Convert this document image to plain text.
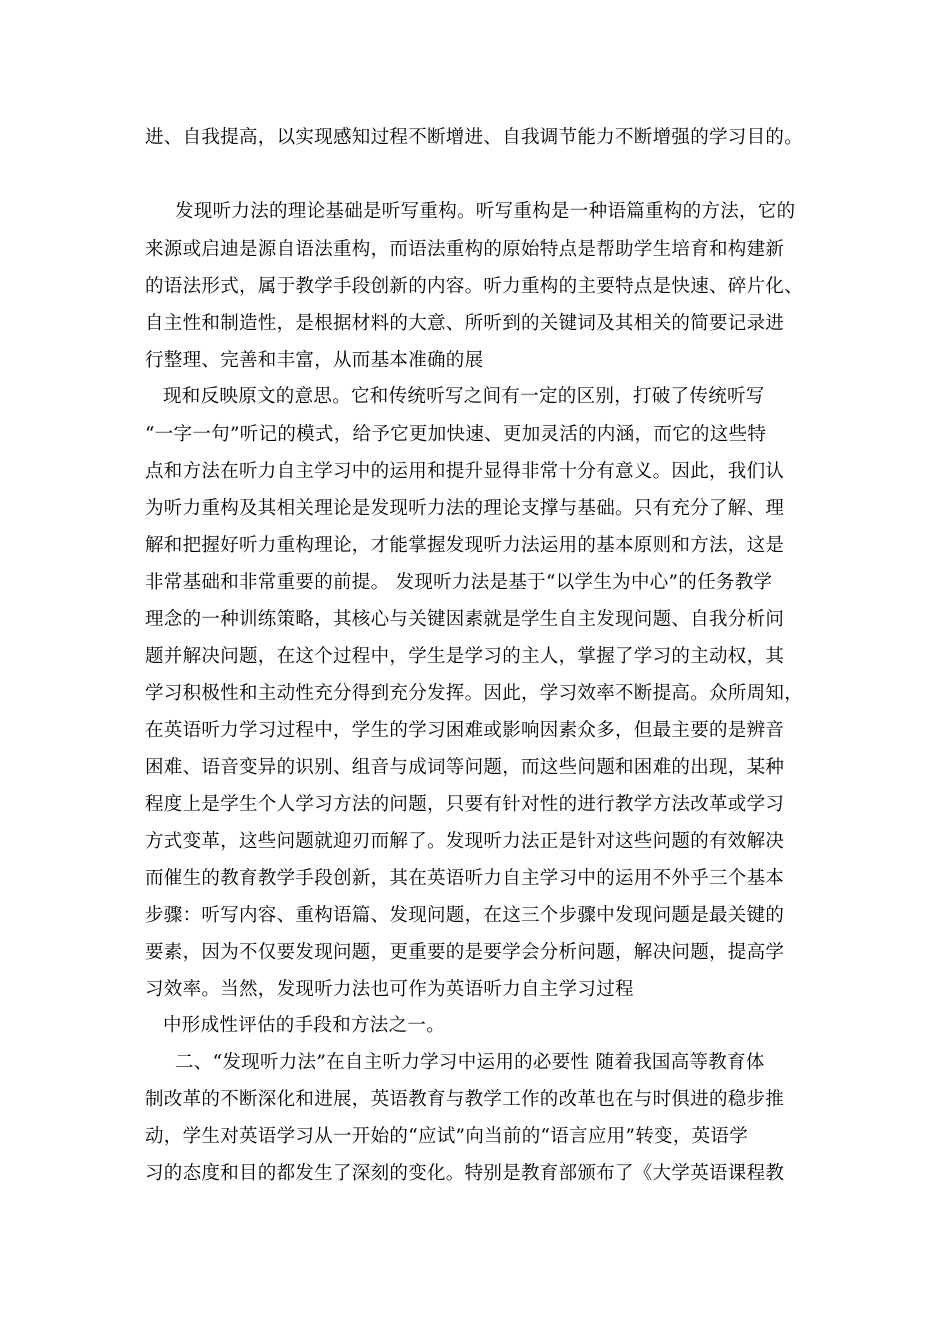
进、自我提高，以实现感知过程不断增进、自我调节能力不断增强的学习目的。
发现听力法的理论基础是听写重构。听写重构是一种语篇重构的方法，它的
来源或启迪是源自语法重构，而语法重构的原始特点是帮助学生培育和构建新
的语法形式，属于教学手段创新的内容。听力重构的主要特点是快速、碎片化、
自主性和制造性，是根据材料的大意、所听到的关键词及其相关的简要记录进
行整理、完善和丰富，从而基本准确的展
现和反映原文的意思。它和传统听写之间有一定的区别，打破了传统听写
“一字一句”听记的模式，给予它更加快速、更加灵活的内涵，而它的这些特
点和方法在听力自主学习中的运用和提升显得非常十分有意义。因此，我们认
为听力重构及其相关理论是发现听力法的理论支撑与基础。只有充分了解、理
解和把握好听力重构理论，才能掌握发现听力法运用的基本原则和方法，这是
非常基础和非常重要的前提。 发现听力法是基于“以学生为中心”的任务教学
理念的一种训练策略，其核心与关键因素就是学生自主发现问题、自我分析问
题并解决问题，在这个过程中，学生是学习的主人，掌握了学习的主动权，其
学习积极性和主动性充分得到充分发挥。因此，学习效率不断提高。众所周知，
在英语听力学习过程中，学生的学习困难或影响因素众多，但最主要的是辨音
困难、语音变异的识别、组音与成词等问题，而这些问题和困难的出现，某种
程度上是学生个人学习方法的问题，只要有针对性的进行教学方法改革或学习
方式变革，这些问题就迎刃而解了。发现听力法正是针对这些问题的有效解决
而催生的教育教学手段创新，其在英语听力自主学习中的运用不外乎三个基本
步骤：听写内容、重构语篇、发现问题，在这三个步骤中发现问题是最关键的
要素，因为不仅要发现问题，更重要的是要学会分析问题，解决问题，提高学
习效率。当然，发现听力法也可作为英语听力自主学习过程
中形成性评估的手段和方法之一。
二、“发现听力法”在自主听力学习中运用的必要性 随着我国高等教育体
制改革的不断深化和进展，英语教育与教学工作的改革也在与时俱进的稳步推
动，学生对英语学习从一开始的“应试”向当前的“语言应用”转变，英语学
习的态度和目的都发生了深刻的变化。特别是教育部颁布了《大学英语课程教
